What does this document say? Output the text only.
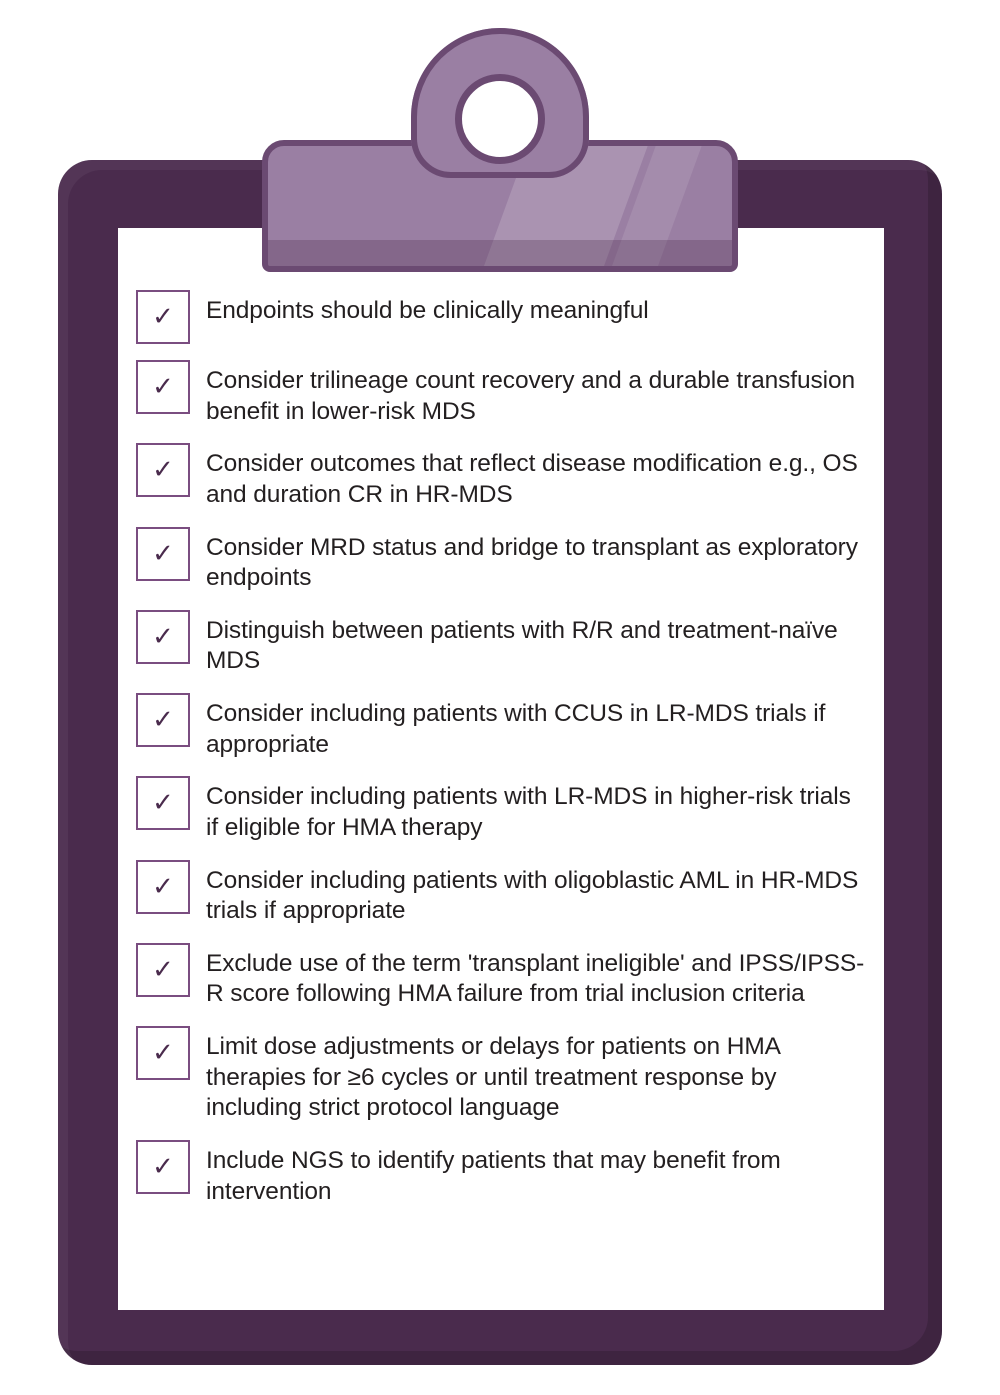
✓ Endpoints should be clinically meaningful
✓ Consider trilineage count recovery and a durable transfusion benefit in lower-risk MDS
✓ Consider outcomes that reflect disease modification e.g., OS and duration CR in HR-MDS
✓ Consider MRD status and bridge to transplant as exploratory endpoints
✓ Distinguish between patients with R/R and treatment-naïve MDS
✓ Consider including patients with CCUS in LR-MDS trials if appropriate
✓ Consider including patients with LR-MDS in higher-risk trials if eligible for HMA therapy
✓ Consider including patients with oligoblastic AML in HR-MDS trials if appropriate
✓ Exclude use of the term 'transplant ineligible' and IPSS/IPSS-R score following HMA failure from trial inclusion criteria
✓ Limit dose adjustments or delays for patients on HMA therapies for ≥6 cycles or until treatment response by including strict protocol language
✓ Include NGS to identify patients that may benefit from intervention
